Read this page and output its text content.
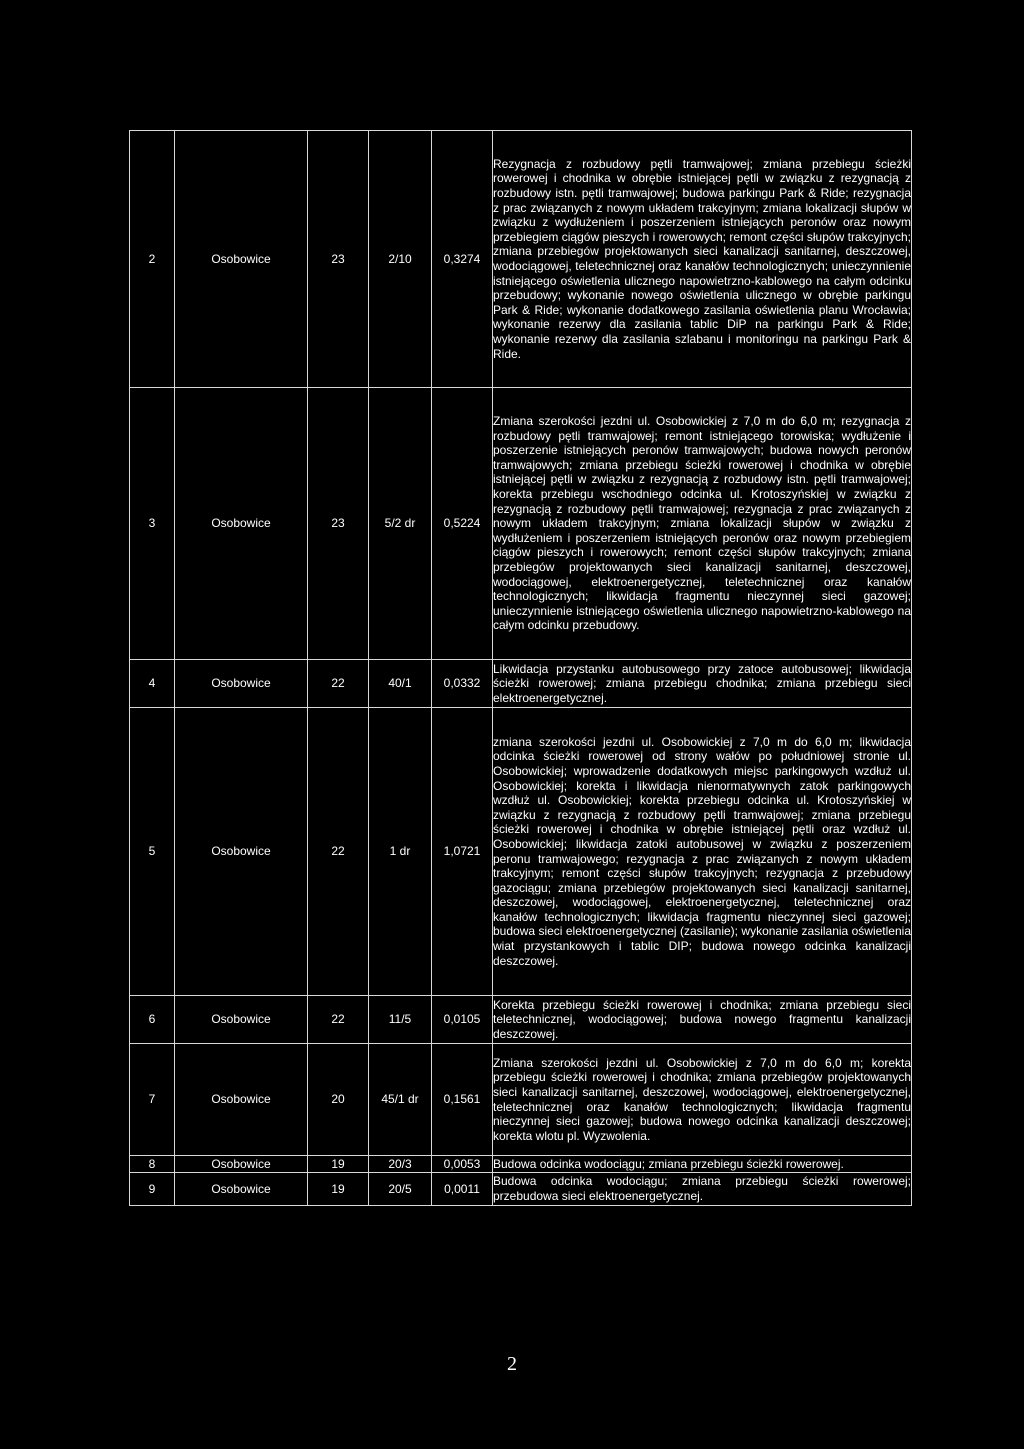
2	Osobowice	23	2/10	0,3274	Rezygnacja z rozbudowy pętli tramwajowej; zmiana przebiegu ścieżki rowerowej i chodnika w obrębie istniejącej pętli w związku z rezygnacją z rozbudowy istn. pętli tramwajowej; budowa parkingu Park & Ride; rezygnacja z prac związanych z nowym układem trakcyjnym; zmiana lokalizacji słupów w związku z wydłużeniem i poszerzeniem istniejących peronów oraz nowym przebiegiem ciągów pieszych i rowerowych; remont części słupów trakcyjnych; zmiana przebiegów projektowanych sieci kanalizacji sanitarnej, deszczowej, wodociągowej, teletechnicznej oraz kanałów technologicznych; unieczynnienie istniejącego oświetlenia ulicznego napowietrzno-kablowego na całym odcinku przebudowy; wykonanie nowego oświetlenia ulicznego w obrębie parkingu Park & Ride; wykonanie dodatkowego zasilania oświetlenia planu Wrocławia; wykonanie rezerwy dla zasilania tablic DiP na parkingu Park & Ride; wykonanie rezerwy dla zasilania szlabanu i monitoringu na parkingu Park & Ride.

3	Osobowice	23	5/2 dr	0,5224	Zmiana szerokości jezdni ul. Osobowickiej z 7,0 m do 6,0 m; rezygnacja z rozbudowy pętli tramwajowej; remont istniejącego torowiska; wydłużenie i poszerzenie istniejących peronów tramwajowych; budowa nowych peronów tramwajowych; zmiana przebiegu ścieżki rowerowej i chodnika w obrębie istniejącej pętli w związku z rezygnacją z rozbudowy istn. pętli tramwajowej; korekta przebiegu wschodniego odcinka ul. Krotoszyńskiej w związku z rezygnacją z rozbudowy pętli tramwajowej; rezygnacja z prac związanych z nowym układem trakcyjnym; zmiana lokalizacji słupów w związku z wydłużeniem i poszerzeniem istniejących peronów oraz nowym przebiegiem ciągów pieszych i rowerowych; remont części słupów trakcyjnych; zmiana przebiegów projektowanych sieci kanalizacji sanitarnej, deszczowej, wodociągowej, elektroenergetycznej, teletechnicznej oraz kanałów technologicznych; likwidacja fragmentu nieczynnej sieci gazowej; unieczynnienie istniejącego oświetlenia ulicznego napowietrzno-kablowego na całym odcinku przebudowy.

4	Osobowice	22	40/1	0,0332	Likwidacja przystanku autobusowego przy zatoce autobusowej; likwidacja ścieżki rowerowej; zmiana przebiegu chodnika; zmiana przebiegu sieci elektroenergetycznej.

5	Osobowice	22	1 dr	1,0721	zmiana szerokości jezdni ul. Osobowickiej z 7,0 m do 6,0 m; likwidacja odcinka ścieżki rowerowej od strony wałów po południowej stronie ul. Osobowickiej; wprowadzenie dodatkowych miejsc parkingowych wzdłuż ul. Osobowickiej; korekta i likwidacja nienormatywnych zatok parkingowych wzdłuż ul. Osobowickiej; korekta przebiegu odcinka ul. Krotoszyńskiej w związku z rezygnacją z rozbudowy pętli tramwajowej; zmiana przebiegu ścieżki rowerowej i chodnika w obrębie istniejącej pętli oraz wzdłuż ul. Osobowickiej; likwidacja zatoki autobusowej w związku z poszerzeniem peronu tramwajowego; rezygnacja z prac związanych z nowym układem trakcyjnym; remont części słupów trakcyjnych; rezygnacja z przebudowy gazociągu; zmiana przebiegów projektowanych sieci kanalizacji sanitarnej, deszczowej, wodociągowej, elektroenergetycznej, teletechnicznej oraz kanałów technologicznych; likwidacja fragmentu nieczynnej sieci gazowej; budowa sieci elektroenergetycznej (zasilanie); wykonanie zasilania oświetlenia wiat przystankowych i tablic DIP; budowa nowego odcinka kanalizacji deszczowej.

6	Osobowice	22	11/5	0,0105	Korekta przebiegu ścieżki rowerowej i chodnika; zmiana przebiegu sieci teletechnicznej, wodociągowej; budowa nowego fragmentu kanalizacji deszczowej.

7	Osobowice	20	45/1 dr	0,1561	Zmiana szerokości jezdni ul. Osobowickiej z 7,0 m do 6,0 m; korekta przebiegu ścieżki rowerowej i chodnika; zmiana przebiegów projektowanych sieci kanalizacji sanitarnej, deszczowej, wodociągowej, elektroenergetycznej, teletechnicznej oraz kanałów technologicznych; likwidacja fragmentu nieczynnej sieci gazowej; budowa nowego odcinka kanalizacji deszczowej; korekta wlotu pl. Wyzwolenia.

8	Osobowice	19	20/3	0,0053	Budowa odcinka wodociągu; zmiana przebiegu ścieżki rowerowej.

9	Osobowice	19	20/5	0,0011	Budowa odcinka wodociągu; zmiana przebiegu ścieżki rowerowej; przebudowa sieci elektroenergetycznej.
2
